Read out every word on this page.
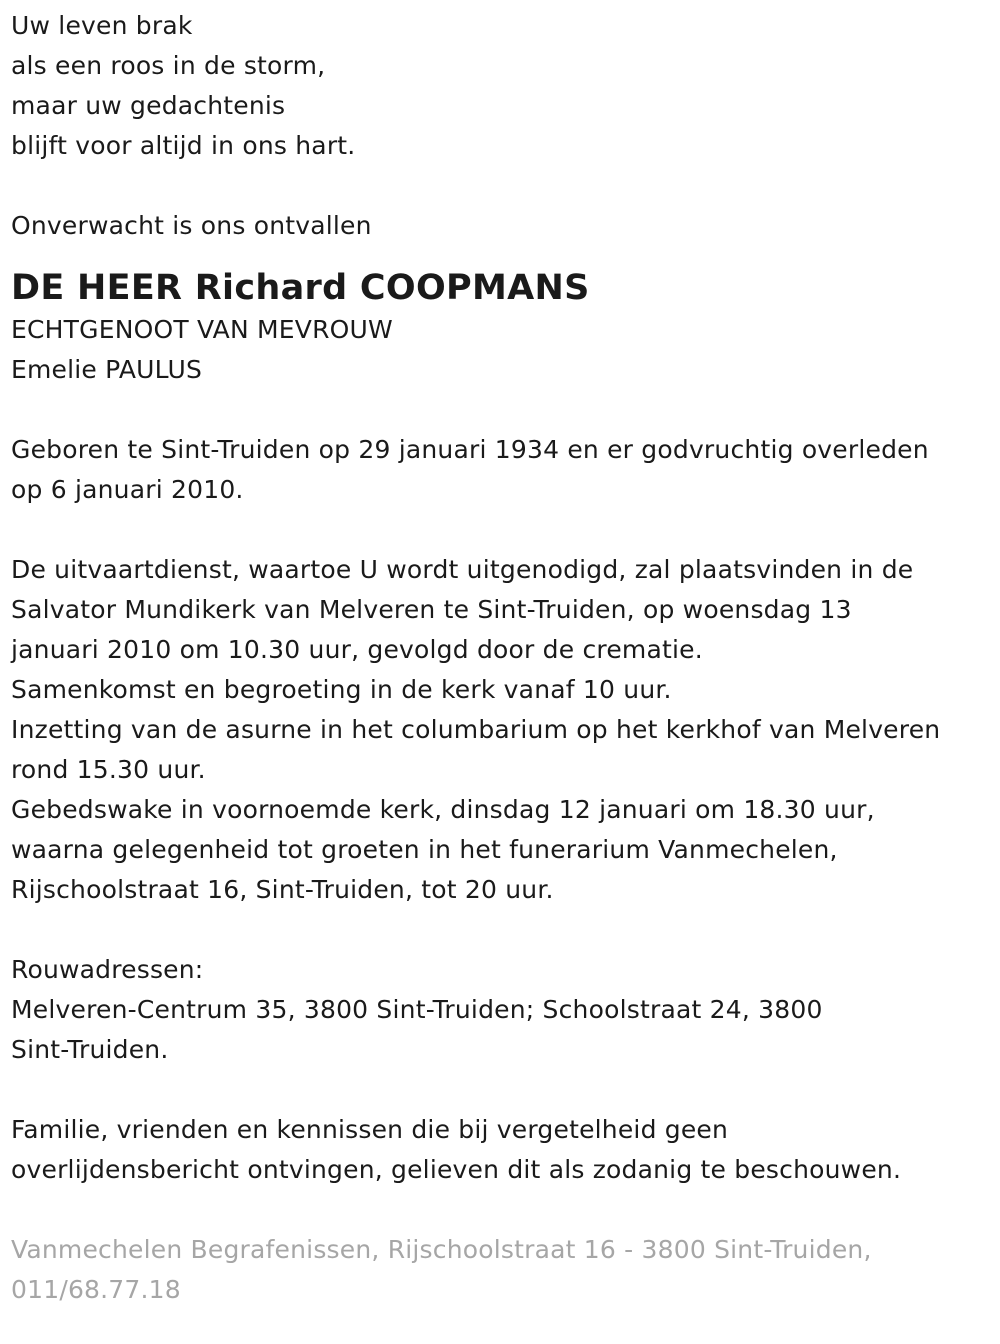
Uw leven brak
als een roos in de storm,
maar uw gedachtenis
blijft voor altijd in ons hart.
Onverwacht is ons ontvallen
DE HEER Richard COOPMANS
ECHTGENOOT VAN MEVROUW
Emelie PAULUS
Geboren te Sint-Truiden op 29 januari 1934 en er godvruchtig overleden
op 6 januari 2010.
De uitvaartdienst, waartoe U wordt uitgenodigd, zal plaatsvinden in de
Salvator Mundikerk van Melveren te Sint-Truiden, op woensdag 13
januari 2010 om 10.30 uur, gevolgd door de crematie.
Samenkomst en begroeting in de kerk vanaf 10 uur.
Inzetting van de asurne in het columbarium op het kerkhof van Melveren
rond 15.30 uur.
Gebedswake in voornoemde kerk, dinsdag 12 januari om 18.30 uur,
waarna gelegenheid tot groeten in het funerarium Vanmechelen,
Rijschoolstraat 16, Sint-Truiden, tot 20 uur.
Rouwadressen:
Melveren-Centrum 35, 3800 Sint-Truiden; Schoolstraat 24, 3800
Sint-Truiden.
Familie, vrienden en kennissen die bij vergetelheid geen
overlijdensbericht ontvingen, gelieven dit als zodanig te beschouwen.
Vanmechelen Begrafenissen, Rijschoolstraat 16 - 3800 Sint-Truiden,
011/68.77.18
